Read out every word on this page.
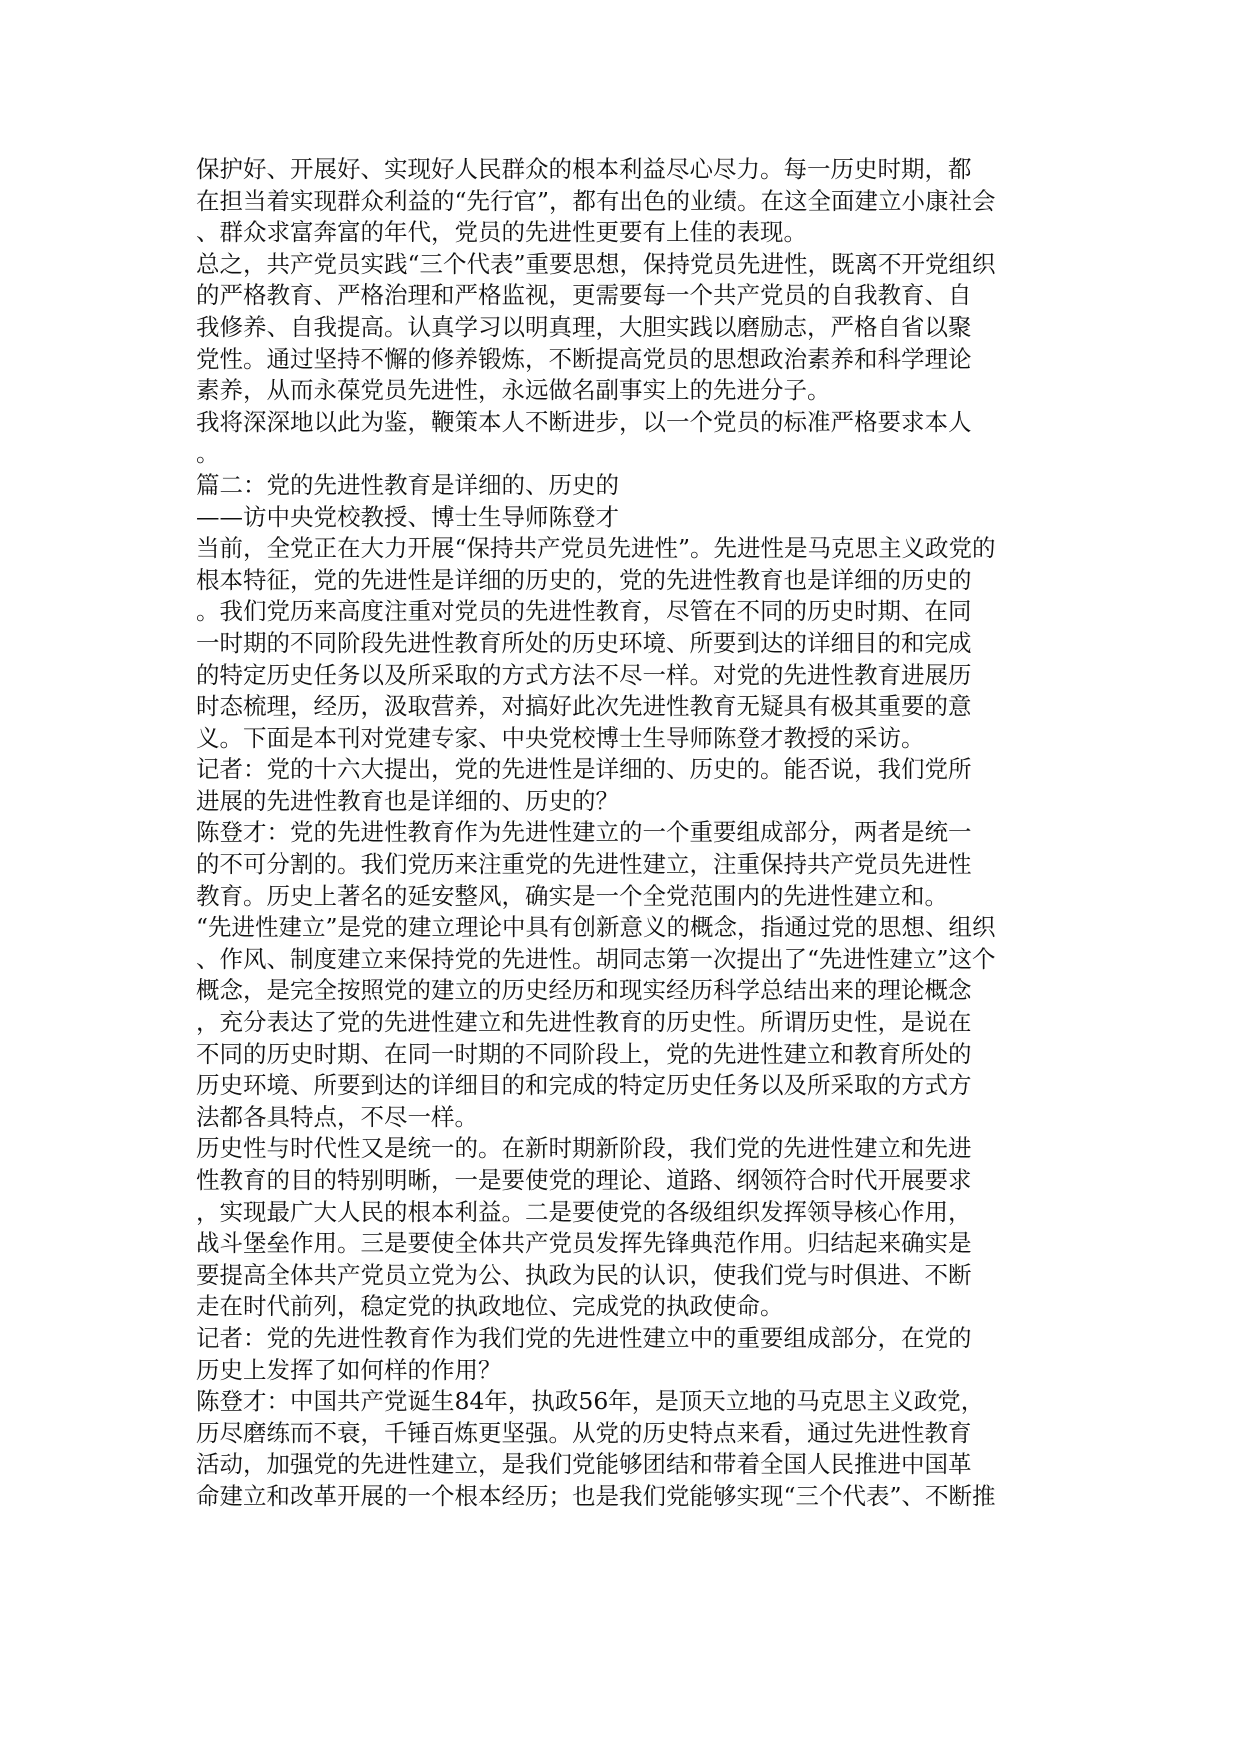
保护好、开展好、实现好人民群众的根本利益尽心尽力。每一历史时期，都
在担当着实现群众利益的“先行官”，都有出色的业绩。在这全面建立小康社会
、群众求富奔富的年代，党员的先进性更要有上佳的表现。
总之，共产党员实践“三个代表”重要思想，保持党员先进性，既离不开党组织
的严格教育、严格治理和严格监视，更需要每一个共产党员的自我教育、自
我修养、自我提高。认真学习以明真理，大胆实践以磨励志，严格自省以聚
党性。通过坚持不懈的修养锻炼，不断提高党员的思想政治素养和科学理论
素养，从而永葆党员先进性，永远做名副事实上的先进分子。
我将深深地以此为鉴，鞭策本人不断进步，以一个党员的标准严格要求本人
。
篇二：党的先进性教育是详细的、历史的
——访中央党校教授、博士生导师陈登才
当前，全党正在大力开展“保持共产党员先进性”。先进性是马克思主义政党的
根本特征，党的先进性是详细的历史的，党的先进性教育也是详细的历史的
。我们党历来高度注重对党员的先进性教育，尽管在不同的历史时期、在同
一时期的不同阶段先进性教育所处的历史环境、所要到达的详细目的和完成
的特定历史任务以及所采取的方式方法不尽一样。对党的先进性教育进展历
时态梳理，经历，汲取营养，对搞好此次先进性教育无疑具有极其重要的意
义。下面是本刊对党建专家、中央党校博士生导师陈登才教授的采访。
记者：党的十六大提出，党的先进性是详细的、历史的。能否说，我们党所
进展的先进性教育也是详细的、历史的？
陈登才：党的先进性教育作为先进性建立的一个重要组成部分，两者是统一
的不可分割的。我们党历来注重党的先进性建立，注重保持共产党员先进性
教育。历史上著名的延安整风，确实是一个全党范围内的先进性建立和。
“先进性建立”是党的建立理论中具有创新意义的概念，指通过党的思想、组织
、作风、制度建立来保持党的先进性。胡同志第一次提出了“先进性建立”这个
概念，是完全按照党的建立的历史经历和现实经历科学总结出来的理论概念
，充分表达了党的先进性建立和先进性教育的历史性。所谓历史性，是说在
不同的历史时期、在同一时期的不同阶段上，党的先进性建立和教育所处的
历史环境、所要到达的详细目的和完成的特定历史任务以及所采取的方式方
法都各具特点，不尽一样。
历史性与时代性又是统一的。在新时期新阶段，我们党的先进性建立和先进
性教育的目的特别明晰，一是要使党的理论、道路、纲领符合时代开展要求
，实现最广大人民的根本利益。二是要使党的各级组织发挥领导核心作用，
战斗堡垒作用。三是要使全体共产党员发挥先锋典范作用。归结起来确实是
要提高全体共产党员立党为公、执政为民的认识，使我们党与时俱进、不断
走在时代前列，稳定党的执政地位、完成党的执政使命。
记者：党的先进性教育作为我们党的先进性建立中的重要组成部分，在党的
历史上发挥了如何样的作用？
陈登才：中国共产党诞生84年，执政56年，是顶天立地的马克思主义政党，
历尽磨练而不衰，千锤百炼更坚强。从党的历史特点来看，通过先进性教育
活动，加强党的先进性建立，是我们党能够团结和带着全国人民推进中国革
命建立和改革开展的一个根本经历；也是我们党能够实现“三个代表”、不断推
